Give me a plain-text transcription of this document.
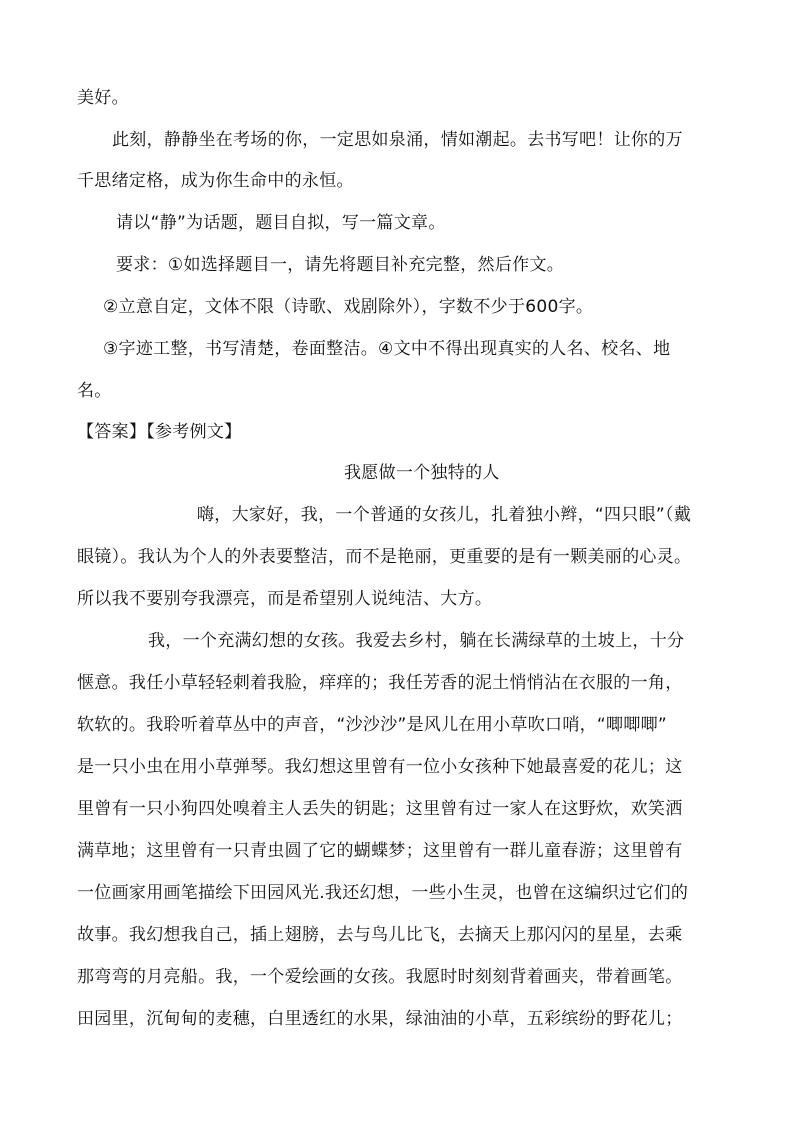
美好。
此刻，静静坐在考场的你，一定思如泉涌，情如潮起。去书写吧！让你的万
千思绪定格，成为你生命中的永恒。
请以“静”为话题，题目自拟，写一篇文章。
要求：①如选择题目一，请先将题目补充完整，然后作文。
②立意自定，文体不限（诗歌、戏剧除外），字数不少于600字。
③字迹工整，书写清楚，卷面整洁。④文中不得出现真实的人名、校名、地
名。
【答案】【参考例文】
我愿做一个独特的人
嗨，大家好，我，一个普通的女孩儿，扎着独小辫，“四只眼”（戴
眼镜）。我认为个人的外表要整洁，而不是艳丽，更重要的是有一颗美丽的心灵。
所以我不要别夸我漂亮，而是希望别人说纯洁、大方。
我，一个充满幻想的女孩。我爱去乡村，躺在长满绿草的土坡上，十分
惬意。我任小草轻轻刺着我脸，痒痒的；我任芳香的泥土悄悄沾在衣服的一角，
软软的。我聆听着草丛中的声音，“沙沙沙”是风儿在用小草吹口哨，“唧唧唧”
是一只小虫在用小草弹琴。我幻想这里曾有一位小女孩种下她最喜爱的花儿；这
里曾有一只小狗四处嗅着主人丢失的钥匙；这里曾有过一家人在这野炊，欢笑洒
满草地；这里曾有一只青虫圆了它的蝴蝶梦；这里曾有一群儿童春游；这里曾有
一位画家用画笔描绘下田园风光.我还幻想，一些小生灵，也曾在这编织过它们的
故事。我幻想我自己，插上翅膀，去与鸟儿比飞，去摘天上那闪闪的星星，去乘
那弯弯的月亮船。我，一个爱绘画的女孩。我愿时时刻刻背着画夹，带着画笔。
田园里，沉甸甸的麦穗，白里透红的水果，绿油油的小草，五彩缤纷的野花儿；
